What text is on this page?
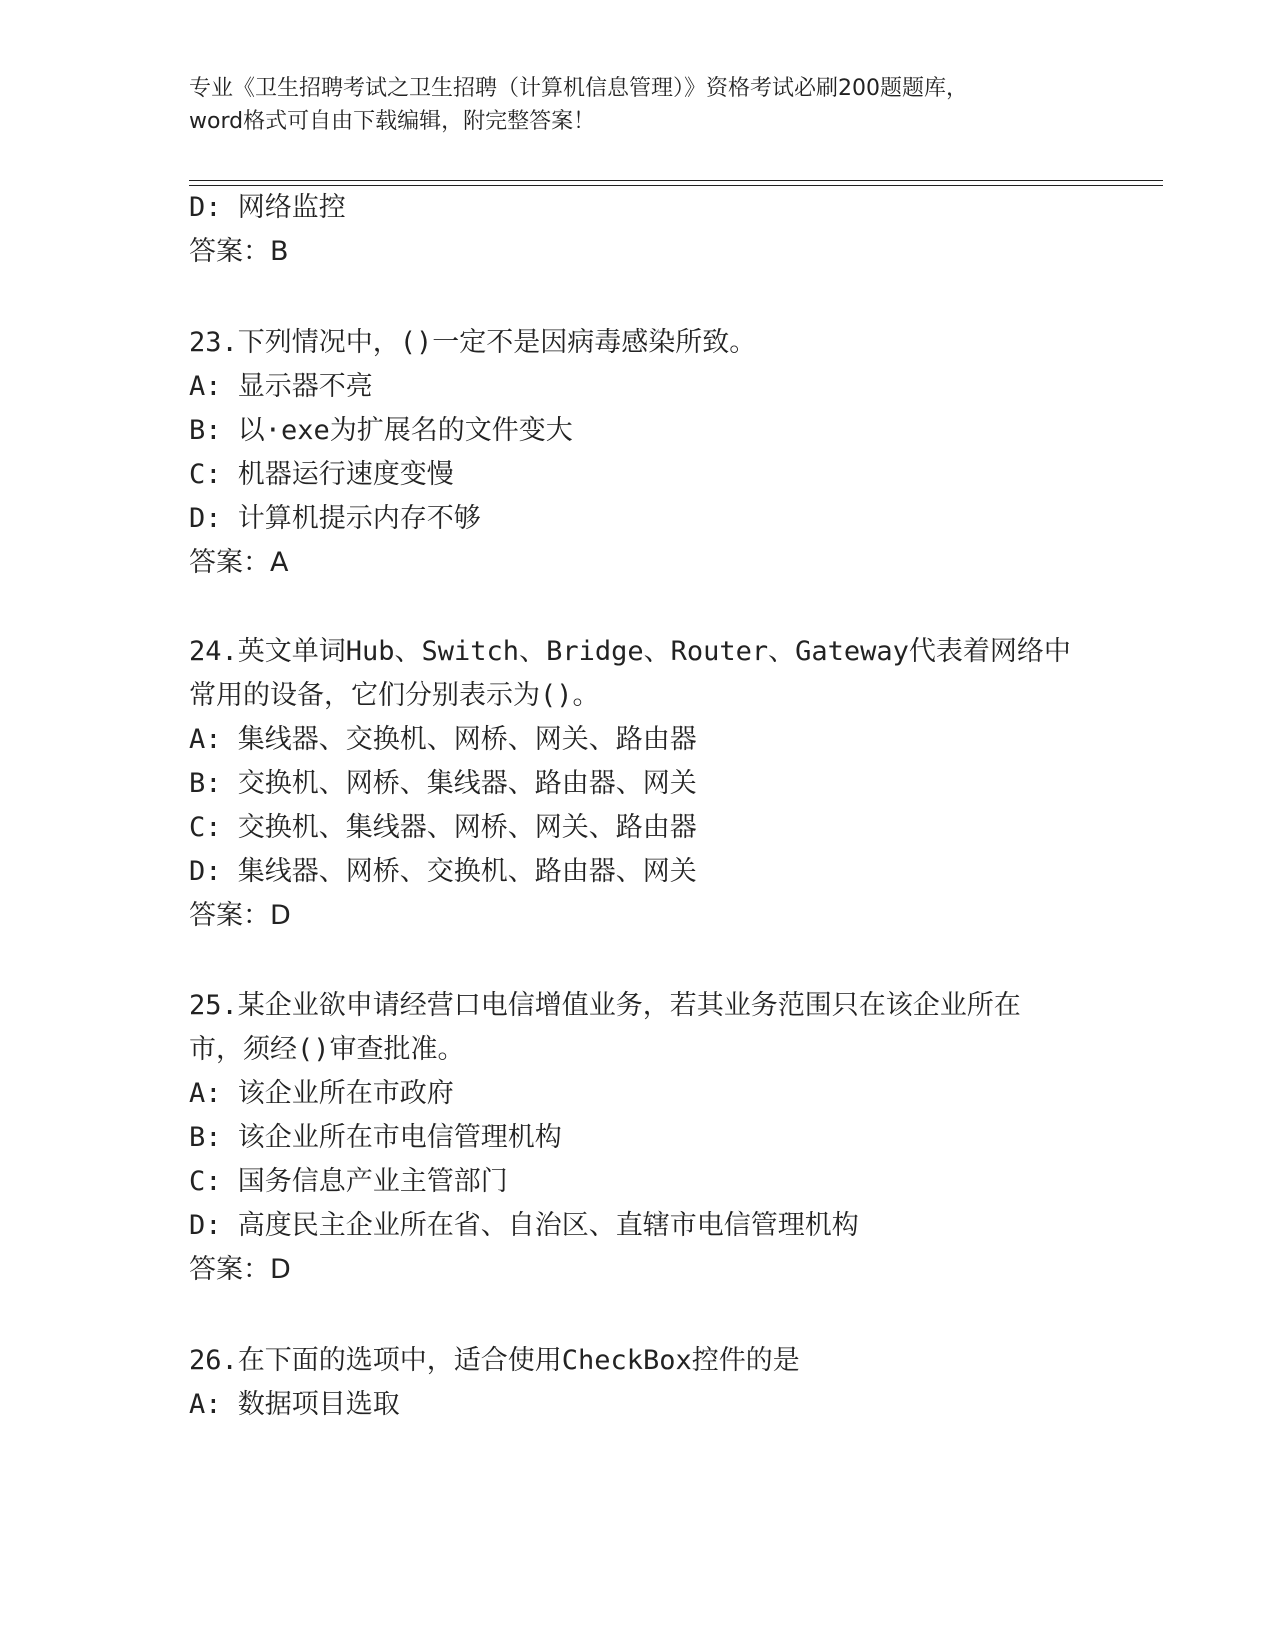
专业《卫生招聘考试之卫生招聘（计算机信息管理）》资格考试必刷200题题库，
word格式可自由下载编辑，附完整答案！
D: 网络监控
答案：B
23.下列情况中，()一定不是因病毒感染所致。
A: 显示器不亮
B: 以·exe为扩展名的文件变大
C: 机器运行速度变慢
D: 计算机提示内存不够
答案：A
24.英文单词Hub、Switch、Bridge、Router、Gateway代表着网络中
常用的设备，它们分别表示为()。
A: 集线器、交换机、网桥、网关、路由器
B: 交换机、网桥、集线器、路由器、网关
C: 交换机、集线器、网桥、网关、路由器
D: 集线器、网桥、交换机、路由器、网关
答案：D
25.某企业欲申请经营口电信增值业务，若其业务范围只在该企业所在
市，须经()审查批准。
A: 该企业所在市政府
B: 该企业所在市电信管理机构
C: 国务信息产业主管部门
D: 高度民主企业所在省、自治区、直辖市电信管理机构
答案：D
26.在下面的选项中，适合使用CheckBox控件的是
A: 数据项目选取
